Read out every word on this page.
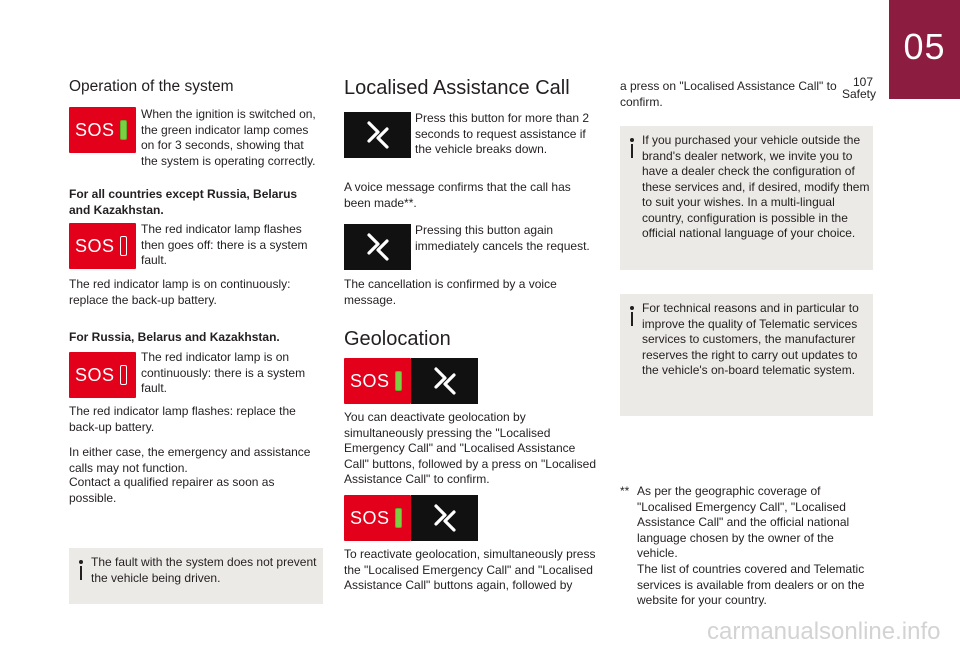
107
Safety
05
Operation of the system
SOS
When the ignition is switched on, the green indicator lamp comes on for 3 seconds, showing that the system is operating correctly.
For all countries except Russia, Belarus and Kazakhstan.
SOS
The red indicator lamp flashes then goes off: there is a system fault.
The red indicator lamp is on continuously: replace the back-up battery.
For Russia, Belarus and Kazakhstan.
SOS
The red indicator lamp is on continuously: there is a system fault.
The red indicator lamp flashes: replace the back-up battery.
In either case, the emergency and assistance calls may not function.
Contact a qualified repairer as soon as possible.
The fault with the system does not prevent the vehicle being driven.
Localised Assistance Call
Press this button for more than 2 seconds to request assistance if the vehicle breaks down.
A voice message confirms that the call has been made**.
Pressing this button again immediately cancels the request.
The cancellation is confirmed by a voice message.
Geolocation
SOS
You can deactivate geolocation by simultaneously pressing the "Localised Emergency Call" and "Localised Assistance Call" buttons, followed by a press on "Localised Assistance Call" to confirm.
SOS
To reactivate geolocation, simultaneously press the "Localised Emergency Call" and "Localised Assistance Call" buttons again, followed by
a press on "Localised Assistance Call" to confirm.
If you purchased your vehicle outside the brand's dealer network, we invite you to have a dealer check the configuration of these services and, if desired, modify them to suit your wishes. In a multi-lingual country, configuration is possible in the official national language of your choice.
For technical reasons and in particular to improve the quality of Telematic services services to customers, the manufacturer reserves the right to carry out updates to the vehicle's on-board telematic system.
** As per the geographic coverage of "Localised Emergency Call", "Localised Assistance Call" and the official national language chosen by the owner of the vehicle.
The list of countries covered and Telematic services is available from dealers or on the website for your country.
carmanualsonline.info
